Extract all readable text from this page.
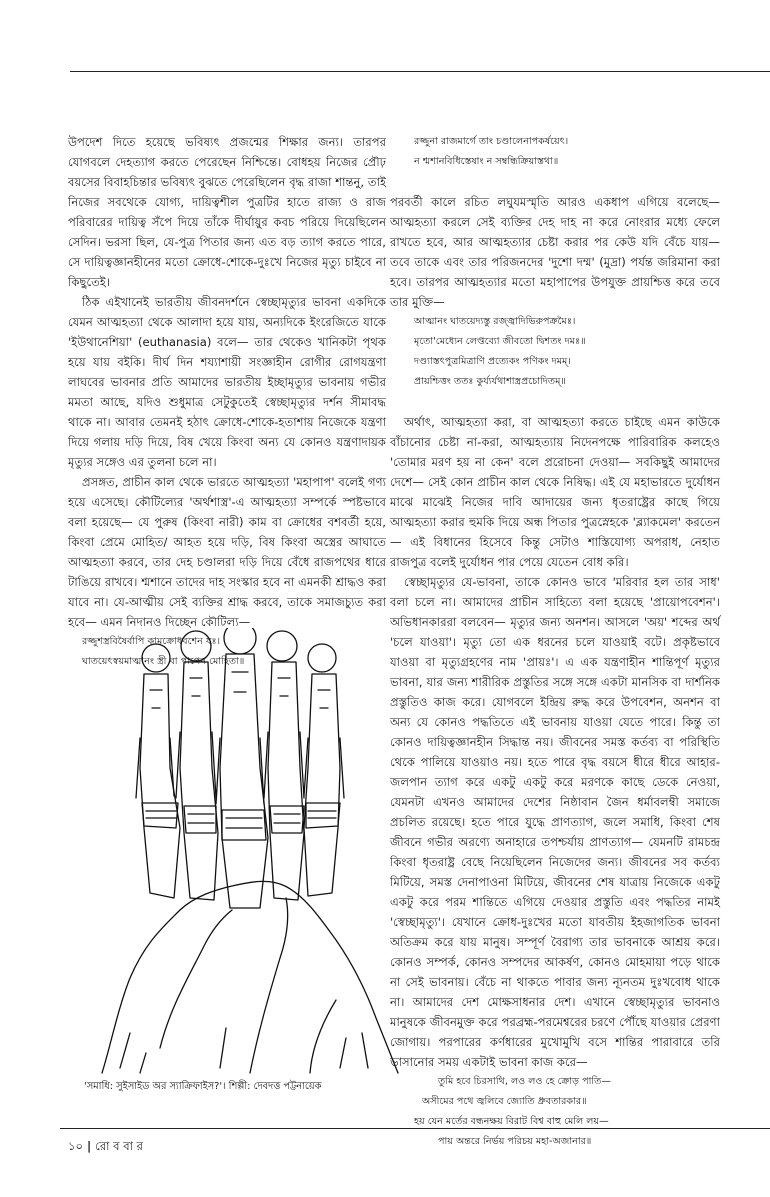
উপদেশ দিতে হয়েছে ভবিষ্যৎ প্রজন্মের শিক্ষার জন্য। তারপর যোগবলে দেহত্যাগ করতে পেরেছেন নিশ্চিন্তে। বোধহয় নিজের প্রৌঢ় বয়সের বিবাহচিন্তার ভবিষ্যৎ বুঝতে পেরেছিলেন বৃদ্ধ রাজা শান্তনু, তাই নিজের সবথেকে যোগ্য, দায়িত্বশীল পুত্রটির হাতে রাজ্য ও রাজ পরিবারের দায়িত্ব সঁপে দিয়ে তাঁকে দীর্ঘায়ুর কবচ পরিয়ে দিয়েছিলেন সেদিন। ভরসা ছিল, যে-পুত্র পিতার জন্য এত বড় ত্যাগ করতে পারে, সে দায়িত্বজ্ঞানহীনের মতো ক্রোধে-শোকে-দুঃখে নিজের মৃত্যু চাইবে না কিছুতেই।

ঠিক এইখানেই ভারতীয় জীবনদর্শনে স্বেচ্ছামৃত্যুর ভাবনা একদিকে যেমন আত্মহত্যা থেকে আলাদা হয়ে যায়, অন্যদিকে ইংরেজিতে যাকে 'ইউথানেশিয়া' (euthanasia) বলে— তার থেকেও খানিকটা পৃথক হয়ে যায় বইকি। দীর্ঘ দিন শয্যাশায়ী সংজ্ঞাহীন রোগীর রোগযন্ত্রণা লাঘবের ভাবনার প্রতি আমাদের ভারতীয় ইচ্ছামৃত্যুর ভাবনায় গভীর মমতা আছে, যদিও শুধুমাত্র সেটুকুতেই স্বেচ্ছামৃত্যুর দর্শন সীমাবদ্ধ থাকে না। আবার তেমনই হঠাৎ ক্রোধে-শোকে-হতাশায় নিজেকে যন্ত্রণা দিয়ে গলায় দড়ি দিয়ে, বিষ খেয়ে কিংবা অন্য যে কোনও যন্ত্রণাদায়ক মৃত্যুর সঙ্গেও এর তুলনা চলে না।

প্রসঙ্গত, প্রাচীন কাল থেকে ভারতে আত্মহত্যা 'মহাপাপ' বলেই গণ্য হয়ে এসেছে। কৌটিল্যের 'অর্থশাস্ত্র'-এ আত্মহত্যা সম্পর্কে স্পষ্টভাবে বলা হয়েছে— যে পুরুষ (কিংবা নারী) কাম বা ক্রোধের বশবর্তী হয়ে, কিংবা প্রেমে মোহিত/ আহত হয়ে দড়ি, বিষ কিংবা অস্ত্রের আঘাতে আত্মহত্যা করবে, তার দেহ চণ্ডালরা দড়ি দিয়ে বেঁধে রাজপথের ধারে টাঙিয়ে রাখবে। শ্মশানে তাদের দাহ সংস্কার হবে না এমনকী শ্রাদ্ধও করা যাবে না। যে-আত্মীয় সেই ব্যক্তির শ্রাদ্ধ করবে, তাকে সমাজচ্যুত করা হবে— এমন নিদানও দিচ্ছেন কৌটিল্য—

রজ্জুশস্ত্রবিষৈর্বাপি কামক্রোধবশেন যঃ।

ঘাতয়েৎস্বয়মাত্মানং স্ত্রী বা পাপেন মোহিতা॥

'সমাধি: সুইসাইড অর স্যাক্রিফাইস?'। শিল্পী: দেবদত্ত পট্টনায়েক

রজ্জুনা রাজমার্গে তাং চণ্ডালেনাপকর্ষয়েৎ।

ন শ্মশানবিধিস্তেষাং ন সম্বন্ধিক্রিয়াস্তথা॥

পরবর্তী কালে রচিত লঘুযমস্মৃতি আরও একধাপ এগিয়ে বলেছে— আত্মহত্যা করলে সেই ব্যক্তির দেহ দাহ না করে নোংরার মধ্যে ফেলে রাখতে হবে, আর আত্মহত্যার চেষ্টা করার পর কেউ যদি বেঁচে যায়— তবে তাকে এবং তার পরিজনদের 'দুশো দম্ম' (মুদ্রা) পর্যন্ত জরিমানা করা হবে। তারপর আত্মহত্যার মতো মহাপাপের উপযুক্ত প্রায়শ্চিত্ত করে তবে তার মুক্তি—

আত্মানং ঘাতয়েদ্যস্তু রজ্জ্বাদিভিরুপক্রমৈঃ।

মৃতো'মেধ্যেন লেপ্তব্যো জীবতো দ্বিশতং দমঃ॥

দণ্ড্যাস্তৎপুত্রমিত্রাণি প্রত্যেকং পণিকং দমম্।

প্রায়শ্চিত্তং ততঃ কুর্য্যর্যথাশাস্ত্রপ্রচোদিতম্॥

অর্থাৎ, আত্মহত্যা করা, বা আত্মহত্যা করতে চাইছে এমন কাউকে বাঁচানোর চেষ্টা না-করা, আত্মহত্যায় নিদেনপক্ষে পারিবারিক কলহেও 'তোমার মরণ হয় না কেন' বলে প্ররোচনা দেওয়া— সবকিছুই আমাদের দেশে— সেই কোন প্রাচীন কাল থেকে নিষিদ্ধ। এই যে মহাভারতে দুর্যোধন মাঝে মাঝেই নিজের দাবি আদায়ের জন্য ধৃতরাষ্ট্রের কাছে গিয়ে আত্মহত্যা করার হুমকি দিয়ে অন্ধ পিতার পুত্রস্নেহকে 'ব্ল্যাকমেল' করতেন— এই বিধানের হিসেবে কিন্তু সেটাও শাস্তিযোগ্য অপরাধ, নেহাত রাজপুত্র বলেই দুর্যোধন পার পেয়ে যেতেন বোধ করি।

স্বেচ্ছামৃত্যুর যে-ভাবনা, তাকে কোনও ভাবে 'মরিবার হল তার সাধ' বলা চলে না। আমাদের প্রাচীন সাহিত্যে বলা হয়েছে 'প্রায়োপবেশন'। অভিধানকাররা বলবেন— মৃত্যুর জন্য অনশন। আসলে 'অয়' শব্দের অর্থ 'চলে যাওয়া'। মৃত্যু তো এক ধরনের চলে যাওয়াই বটে। প্রকৃষ্টভাবে যাওয়া বা মৃত্যুগ্রহণের নাম 'প্রায়ঃ'। এ এক যন্ত্রণাহীন শান্তিপূর্ণ মৃত্যুর ভাবনা, যার জন্য শারীরিক প্রস্তুতির সঙ্গে সঙ্গে একটা মানসিক বা দার্শনিক প্রস্তুতিও কাজ করে। যোগবলে ইন্দ্রিয় রুদ্ধ করে উপবেশন, অনশন বা অন্য যে কোনও পদ্ধতিতে এই ভাবনায় যাওয়া যেতে পারে। কিন্তু তা কোনও দায়িত্বজ্ঞানহীন সিদ্ধান্ত নয়। জীবনের সমস্ত কর্তব্য বা পরিস্থিতি থেকে পালিয়ে যাওয়াও নয়। হতে পারে বৃদ্ধ বয়সে ধীরে ধীরে আহার-জলপান ত্যাগ করে একটু একটু করে মরণকে কাছে ডেকে নেওয়া, যেমনটা এখনও আমাদের দেশের নিষ্ঠাবান জৈন ধর্মাবলম্বী সমাজে প্রচলিত রয়েছে। হতে পারে যুদ্ধে প্রাণত্যাগ, জলে সমাধি, কিংবা শেষ জীবনে গভীর অরণ্যে অনাহারে তপশ্চর্যায় প্রাণত্যাগ— যেমনটি রামচন্দ্র কিংবা ধৃতরাষ্ট্র বেছে নিয়েছিলেন নিজেদের জন্য। জীবনের সব কর্তব্য মিটিয়ে, সমস্ত দেনাপাওনা মিটিয়ে, জীবনের শেষ যাত্রায় নিজেকে একটু একটু করে পরম শান্তিতে এগিয়ে দেওয়ার প্রস্তুতি এবং পদ্ধতির নামই 'স্বেচ্ছামৃত্যু'। যেখানে ক্রোধ-দুঃখের মতো যাবতীয় ইহজাগতিক ভাবনা অতিক্রম করে যায় মানুষ। সম্পূর্ণ বৈরাগ্য তার ভাবনাকে আশ্রয় করে। কোনও সম্পর্ক, কোনও সম্পদের আকর্ষণ, কোনও মোহমায়া পড়ে থাকে না সেই ভাবনায়। বেঁচে না থাকতে পাবার জন্য ন্যূনতম দুঃখবোধ থাকে না। আমাদের দেশ মোক্ষসাধনার দেশ। এখানে স্বেচ্ছামৃত্যুর ভাবনাও মানুষকে জীবনমুক্ত করে পরব্রহ্ম-পরমেশ্বরের চরণে পৌঁছে যাওয়ার প্রেরণা জোগায়। পরপারের কর্ণধারের মুখোমুখি বসে শান্তির পারাবারে তরি ভাসানোর সময় একটাই ভাবনা কাজ করে—

তুমি হবে চিরসাথি, লও লও হে ক্রোড় পাতি—

অসীমের পথে জ্বলিবে জ্যোতি ধ্রুবতারকার॥

হয় যেন মর্তের বন্ধনক্ষয় বিরাট বিশ্ব বাহু মেলি লয়—

পায় অন্তরে নির্ভয় পরিচয় মহা-অজানার॥

১০ | রো ব বা র
